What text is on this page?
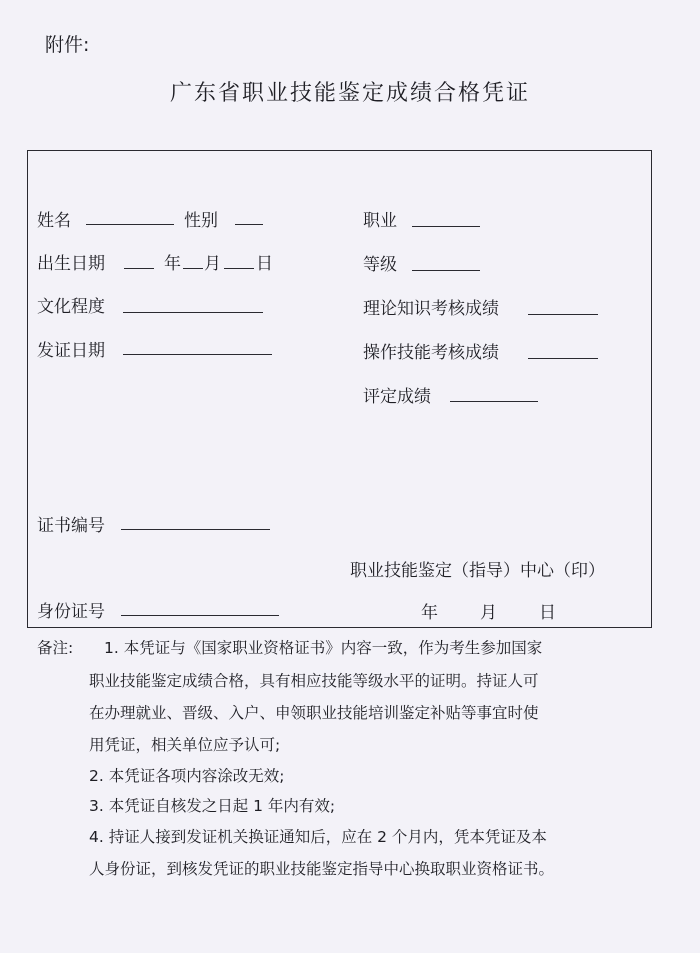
附件:
广东省职业技能鉴定成绩合格凭证
姓名	性别	职业
出生日期	年 月 日	等级
文化程度	理论知识考核成绩
发证日期	操作技能考核成绩
评定成绩
证书编号
职业技能鉴定（指导）中心（印）
身份证号	年 月 日
备注: 1. 本凭证与《国家职业资格证书》内容一致，作为考生参加国家
职业技能鉴定成绩合格，具有相应技能等级水平的证明。持证人可
在办理就业、晋级、入户、申领职业技能培训鉴定补贴等事宜时使
用凭证，相关单位应予认可;
2. 本凭证各项内容涂改无效;
3. 本凭证自核发之日起 1 年内有效;
4. 持证人接到发证机关换证通知后，应在 2 个月内，凭本凭证及本
人身份证，到核发凭证的职业技能鉴定指导中心换取职业资格证书。
